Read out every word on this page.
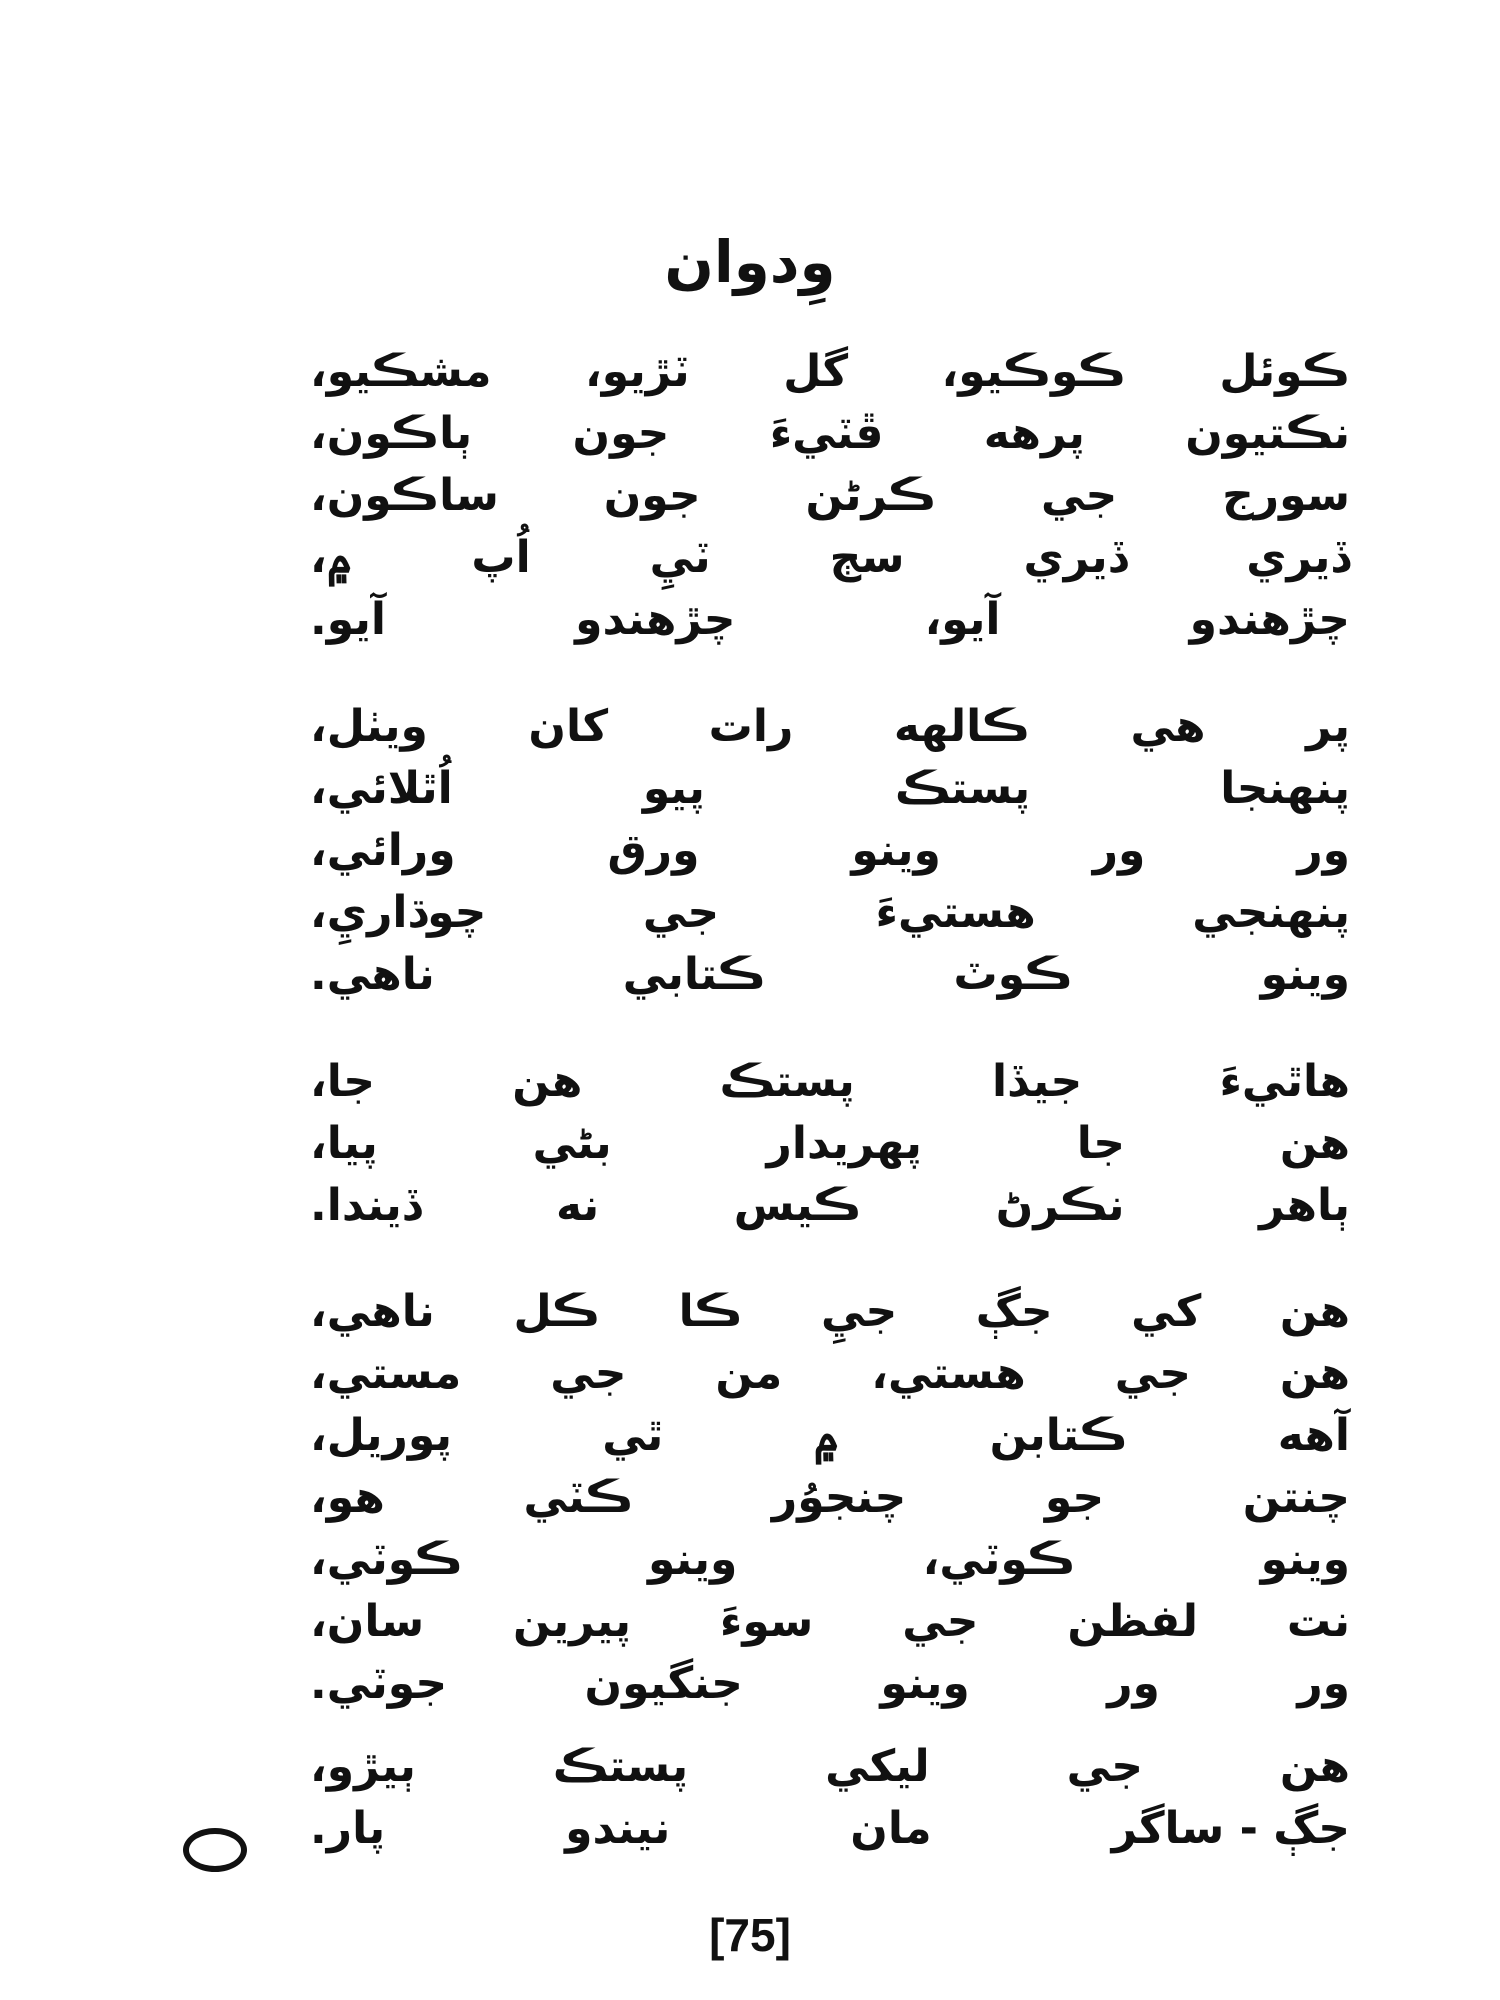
وِدوان
ڪوئل
ڪوڪيو،
گل
ٽڙيو،
مشڪيو،
نڪتيون
پرهه
ڦٽيءَ
جون
ٻاڪون،
سورج
جي
ڪرڻن
جون
ساڪون،
ڏيري
ڏيري
سڄ
ٽيِ
اُپ
۾،
چڙهندو
آيو،
چڙهندو
آيو.
پر
هي
ڪالهه
رات
کان
ويٺل،
پنهنجا
پستڪ
پيو
اُٿلائي،
ور
ور
وينو
ورق
ورائي،
پنهنجي
هستيءَ
جي
چوڌاريِ،
وينو
ڪوٽ
ڪتابي
ناهي.
هاٿيءَ
جيڏا
پستڪ
هن
جا،
هن
جا
پهريدار
بڻي
پيا،
ٻاهر
نڪرڻ
ڪيس
نه
ڏيندا.
هن
کي
جڳ
جيِ
ڪا
ڪل
ناهي،
هن
جي
هستي،
من
جي
مستي،
آهه
ڪتابن
۾
ٿي
پوريل،
چنتن
جو
چنجوُر
ڪٽي
هو،
وينو
ڪوٽي،
وينو
ڪوٽي،
نت
لفظن
جي
سوءَ
پيرين
سان،
ور
ور
وينو
جنگيون
جوٽي.
هن
جي
ليکي
پستڪ
ٻيڙو،
جڳ - ساگر
مان
نيندو
پار.
[75]
